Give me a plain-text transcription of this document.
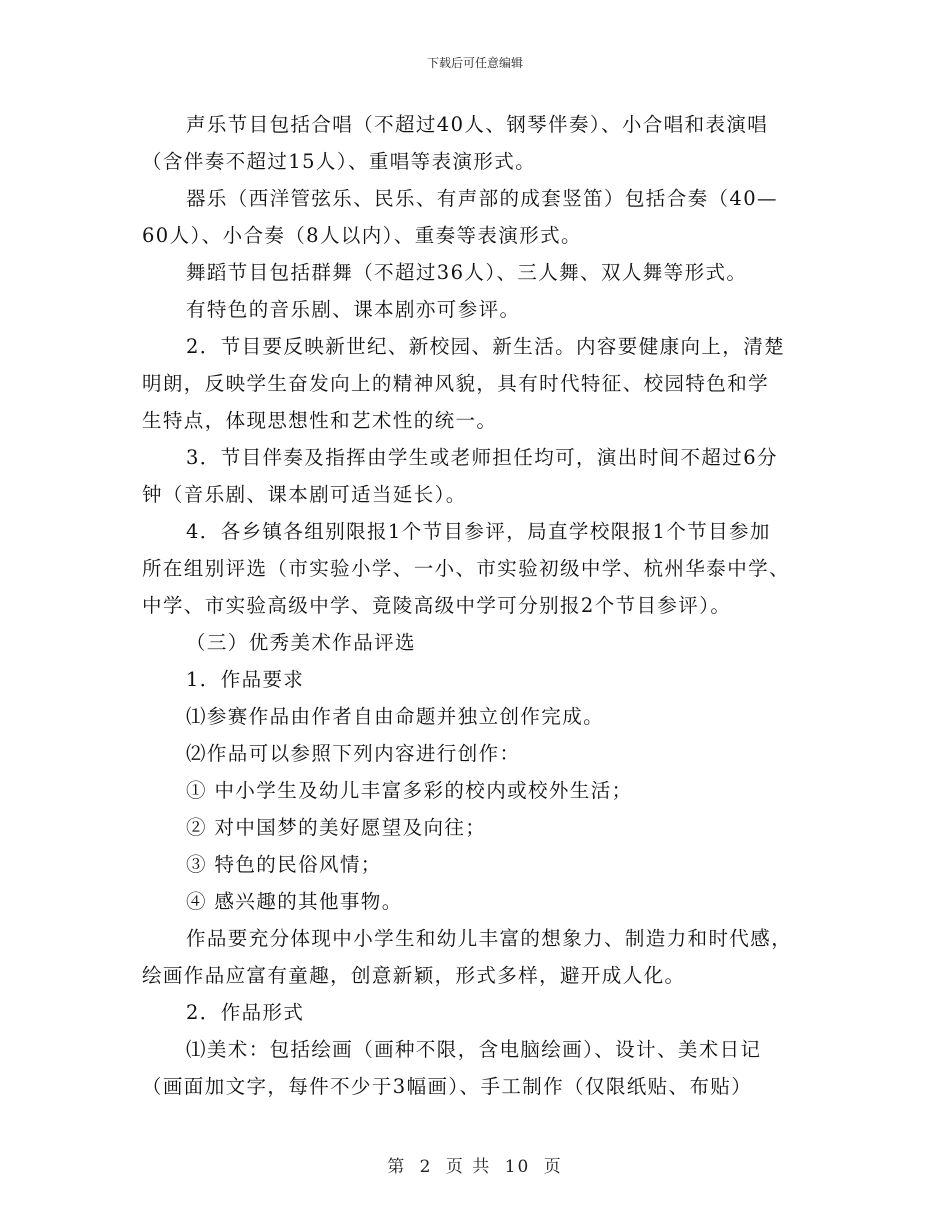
下载后可任意编辑
声乐节目包括合唱（不超过40人、钢琴伴奏）、小合唱和表演唱
（含伴奏不超过15人）、重唱等表演形式。
器乐（西洋管弦乐、民乐、有声部的成套竖笛）包括合奏（40—
60人）、小合奏（8人以内）、重奏等表演形式。
舞蹈节目包括群舞（不超过36人）、三人舞、双人舞等形式。
有特色的音乐剧、课本剧亦可参评。
2．节目要反映新世纪、新校园、新生活。内容要健康向上，清楚
明朗，反映学生奋发向上的精神风貌，具有时代特征、校园特色和学
生特点，体现思想性和艺术性的统一。
3．节目伴奏及指挥由学生或老师担任均可，演出时间不超过6分
钟（音乐剧、课本剧可适当延长）。
4．各乡镇各组别限报1个节目参评，局直学校限报1个节目参加
所在组别评选（市实验小学、一小、市实验初级中学、杭州华泰中学、
中学、市实验高级中学、竟陵高级中学可分别报2个节目参评）。
（三）优秀美术作品评选
1．作品要求
⑴参赛作品由作者自由命题并独立创作完成。
⑵作品可以参照下列内容进行创作：
① 中小学生及幼儿丰富多彩的校内或校外生活；
② 对中国梦的美好愿望及向往；
③ 特色的民俗风情；
④ 感兴趣的其他事物。
作品要充分体现中小学生和幼儿丰富的想象力、制造力和时代感，
绘画作品应富有童趣，创意新颖，形式多样，避开成人化。
2．作品形式
⑴美术：包括绘画（画种不限，含电脑绘画）、设计、美术日记
（画面加文字，每件不少于3幅画）、手工制作（仅限纸贴、布贴）
第 2 页 共 10 页
